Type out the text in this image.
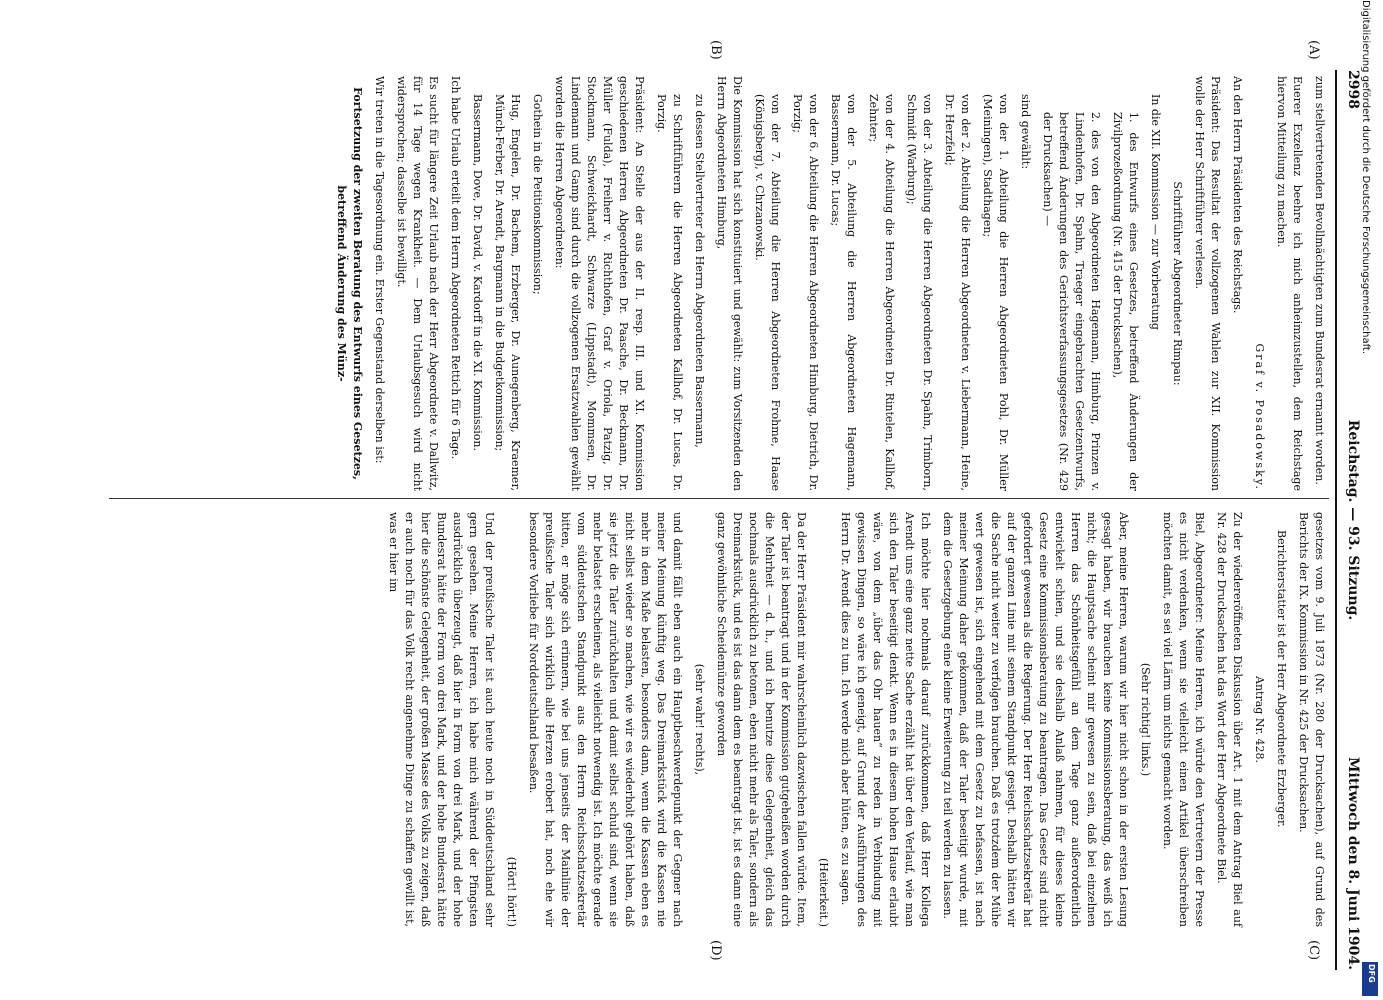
2998
Reichstag. — 93. Sitzung.
Mittwoch den 8. Juni 1904.
(A)
(B)
(C)
(D)

zum stellvertretenden Bevollmächtigten zum Bundesrat ernannt worden.

Euerer Exzellenz beehre ich mich anheimzustellen, dem Reichstage hiervon Mitteilung zu machen.

Graf v. Posadowsky.

An den Herrn Präsidenten des Reichstags.

Präsident: Das Resultat der vollzogenen Wahlen zur XII. Kommission wolle der Herr Schriftführer verlesen.

Schriftführer Abgeordneter Rimpau:

In die XII. Kommission — zur Vorberatung

1. des Entwurfs eines Gesetzes, betreffend Änderungen der Zivilprozeßordnung (Nr. 415 der Drucksachen),

2. des von den Abgeordneten Hagemann, Himburg, Prinzen v. Lindenhofen, Dr. Spahn, Traeger eingebrachten Gesetzentwurfs, betreffend Änderungen des Gerichtsverfassungsgesetzes (Nr. 429 der Drucksachen) —

sind gewählt:

von der 1. Abteilung die Herren Abgeordneten Pohl, Dr. Müller (Meiningen), Stadthagen;

von der 2. Abteilung die Herren Abgeordneten v. Liebermann, Heine, Dr. Herzfeld;

von der 3. Abteilung die Herren Abgeordneten Dr. Spahn, Trimborn, Schmidt (Warburg);

von der 4. Abteilung die Herren Abgeordneten Dr. Rintelen, Kallhof, Zehnter;

von der 5. Abteilung die Herren Abgeordneten Hagemann, Bassermann, Dr. Lucas;

von der 6. Abteilung die Herren Abgeordneten Himburg, Dietrich, Dr. Porzig;

von der 7. Abteilung die Herren Abgeordneten Frohme, Haase (Königsberg), v. Chrzanowski.

Die Kommission hat sich konstituiert und gewählt: zum Vorsitzenden den Herrn Abgeordneten Himburg,

zu dessen Stellvertreter den Herrn Abgeordneten Bassermann,

zu Schriftführern die Herren Abgeordneten Kallhof, Dr. Lucas, Dr. Porzig.

Präsident: An Stelle der aus der II. resp. III. und XI. Kommission geschiedenen Herren Abgeordneten Dr. Paasche, Dr. Beckmann, Dr. Müller (Fulda), Freiherr v. Richthofen, Graf v. Oriola, Patzig, Dr. Stockmann, Schweickhardt, Schwarze (Lippstadt), Mommsen, Dr. Lindemann und Gamp sind durch die vollzogenen Ersatzwahlen gewählt worden die Herren Abgeordneten:

Gothein in die Petitionskommission;

Hug, Engelen, Dr. Bachem, Erzberger, Dr. Aunegenberg, Kraemer, Münch-Ferber, Dr. Arendt, Bargmann in die Budgetkommission;

Bassermann, Dove, Dr. David, v. Kardorff in die XI. Kommission.

Ich habe Urlaub erteilt dem Herrn Abgeordneten Rettich für 6 Tage.

Es sucht für längere Zeit Urlaub nach der Herr Abgeordnete v. Dallwitz, für 14 Tage wegen Krankheit. — Dem Urlaubsgesuch wird nicht widersprochen; dasselbe ist bewilligt.

Wir treten in die Tagesordnung ein. Erster Gegenstand derselben ist:

Fortsetzung der zweiten Beratung des Entwurfs eines Gesetzes, betreffend Änderung des Münz-

gesetzes vom 9. Juli 1873 (Nr. 280 der Drucksachen), auf Grund des Berichts der IX. Kommission in Nr. 425 der Drucksachen.

Berichterstatter ist der Herr Abgeordnete Erzberger.

Antrag Nr. 428.

Zu der wiedereröffneten Diskussion über Art. 1 mit dem Antrag Biel auf Nr. 428 der Drucksachen hat das Wort der Herr Abgeordnete Biel.

Biel, Abgeordneter: Meine Herren, ich würde den Vertretern der Presse es nicht verdenken, wenn sie vielleicht einen Artikel überschreiben möchten damit, es sei viel Lärm um nichts gemacht worden.

(Sehr richtig! links.)

Aber, meine Herren, warum wir hier nicht schon in der ersten Lesung gesagt haben, wir brauchen keine Kommissionsberatung, das weiß ich nicht; die Hauptsache scheint mir gewesen zu sein, daß bei einzelnen Herren das Schönheitsgefühl an dem Tage ganz außerordentlich entwickelt schien, und sie deshalb Anlaß nahmen, für dieses kleine Gesetz eine Kommissionsberatung zu beantragen. Das Gesetz sind nicht gefordert gewesen als die Regierung. Der Herr Reichsschatzsekretär hat auf der ganzen Linie mit seinem Standpunkt gesiegt. Deshalb hätten wir die Sache nicht weiter zu verfolgen brauchen. Daß es trotzdem der Mühe wert gewesen ist, sich eingehend mit dem Gesetz zu befassen, ist nach meiner Meinung daher gekommen, daß der Taler beseitigt wurde, mit dem die Gesetzgebung eine kleine Erweiterung zu teil werden zu lassen.

Ich möchte hier nochmals darauf zurückkommen, daß Herr Kollega Arendt uns eine ganz nette Sache erzählt hat über den Verlauf, wie man sich den Taler beseitigt denkt. Wenn es in diesem hohen Hause erlaubt wäre, von dem „über das Ohr hauen“ zu reden in Verbindung mit gewissen Dingen, so wäre ich geneigt, auf Grund der Ausführungen des Herrn Dr. Arendt dies zu tun. Ich werde mich aber hüten, es zu sagen.

(Heiterkeit.)

Da der Herr Präsident mir wahrscheinlich dazwischen fallen würde. Item, der Taler ist beantragt und in der Kommission gutgeheißen worden durch die Mehrheit — d. h., und ich benutze diese Gelegenheit, gleich das nochmals ausdrücklich zu betonen, eben nicht mehr als Taler, sondern als Dreimarkstück, und es ist das dann dem es beantragt ist, ist es dann eine ganz gewöhnliche Scheidemünze geworden

(sehr wahr! rechts),

und damit fällt eben auch ein Hauptbeschwerdepunkt der Gegner nach meiner Meinung künftig weg. Das Dreimarkstück wird die Kassen nie mehr in dem Maße belasten, besonders dann, wenn die Kassen eben es nicht selbst wieder so machen, wie wir es wiederholt gehört haben, daß sie jetzt die Taler zurückhalten und damit selbst schuld sind, wenn sie mehr belastet erscheinen, als vielleicht notwendig ist. Ich möchte gerade vom süddeutschen Standpunkt aus den Herrn Reichsschatzsekretär bitten, er möge sich erinnern, wie bei uns jenseits der Mainlinie der preußische Taler sich wirklich alle Herzen erobert hat, noch ehe wir besondere Vorliebe für Norddeutschland besaßen.

(Hört! hört!)

Und der preußische Taler ist auch heute noch in Süddeutschland sehr gern gesehen. Meine Herren, ich habe mich während der Pfingsten ausdrücklich überzeugt, daß hier in Form von drei Mark, und der hohe Bundesrat hätte der Form von drei Mark, und der hohe Bundesrat hätte hier die schönste Gelegenheit, der großen Masse des Volks zu zeigen, daß er auch noch für das Volk recht angenehme Dinge zu schaffen gewillt ist, was er hier im

Digitalisierung gefördert durch die Deutsche Forschungsgemeinschaft.
DFG
